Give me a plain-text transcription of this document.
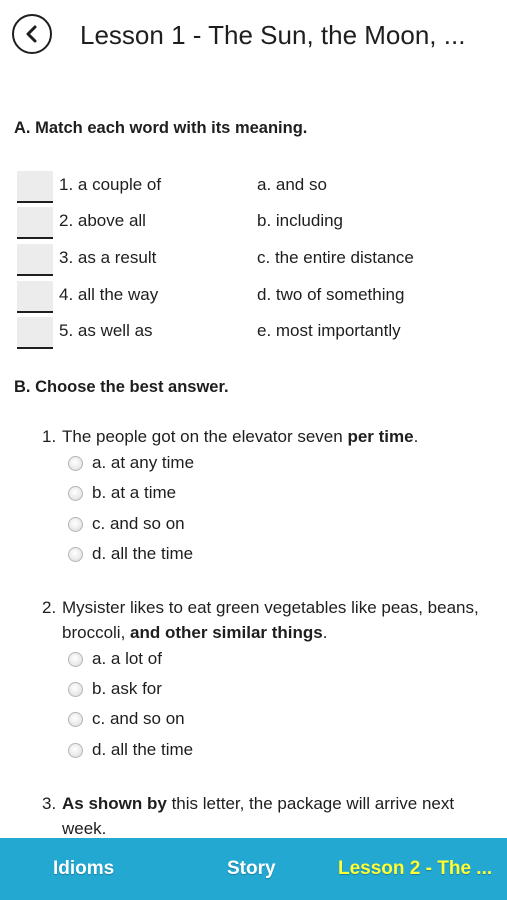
Lesson 1 - The Sun, the Moon, ...
A. Match each word with its meaning.
1. a couple of	a. and so
2. above all	b. including
3. as a result	c. the entire distance
4. all the way	d. two of something
5. as well as	e. most importantly
B. Choose the best answer.
1. The people got on the elevator seven per time.
a. at any time
b. at a time
c. and so on
d. all the time
2. Mysister likes to eat green vegetables like peas, beans, broccoli, and other similar things.
a. a lot of
b. ask for
c. and so on
d. all the time
3. As shown by this letter, the package will arrive next week.
Idioms	Story	Lesson 2 - The ...
